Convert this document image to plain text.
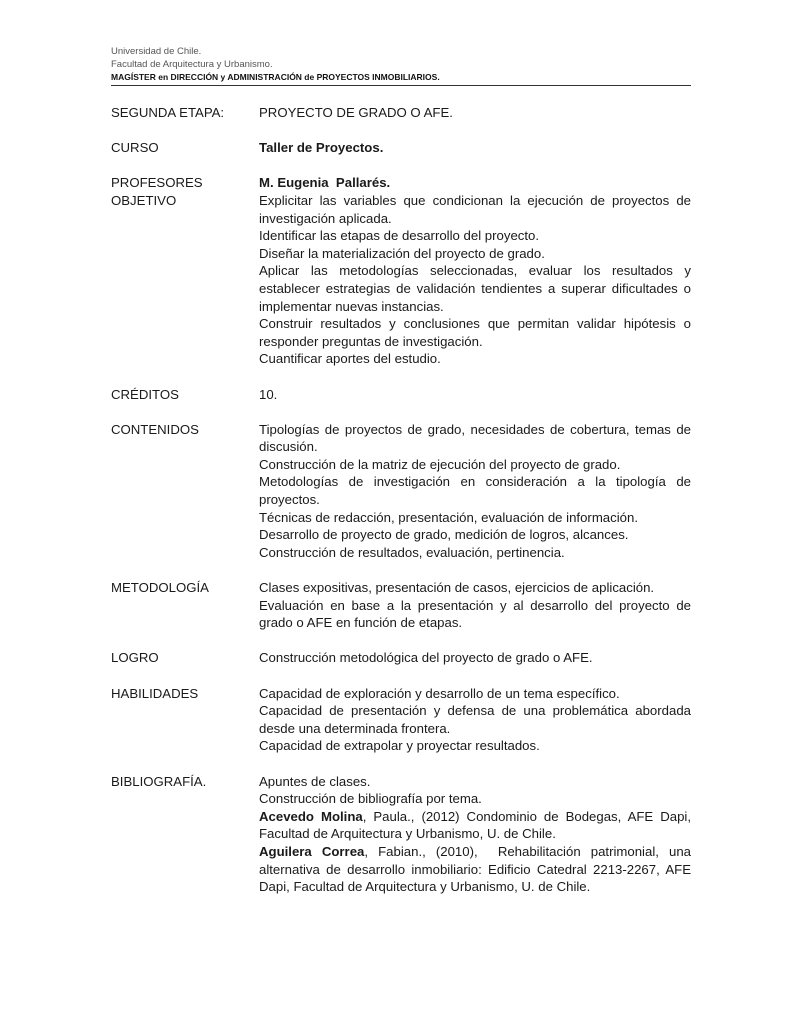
Universidad de Chile.
Facultad de Arquitectura y Urbanismo.
MAGÍSTER en DIRECCIÓN y ADMINISTRACIÓN de PROYECTOS INMOBILIARIOS.
SEGUNDA ETAPA:	PROYECTO DE GRADO O AFE.
CURSO	Taller de Proyectos.
PROFESORES	M. Eugenia  Pallarés.
OBJETIVO	Explicitar las variables que condicionan la ejecución de proyectos de investigación aplicada.

Identificar las etapas de desarrollo del proyecto.

Diseñar la materialización del proyecto de grado.

Aplicar las metodologías seleccionadas, evaluar los resultados y establecer estrategias de validación tendientes a superar dificultades o implementar nuevas instancias.

Construir resultados y conclusiones que permitan validar hipótesis o responder preguntas de investigación.

Cuantificar aportes del estudio.

CRÉDITOS	10.
CONTENIDOS	Tipologías de proyectos de grado, necesidades de cobertura, temas de discusión.

Construcción de la matriz de ejecución del proyecto de grado.

Metodologías de investigación en consideración a la tipología de proyectos.

Técnicas de redacción, presentación, evaluación de información.

Desarrollo de proyecto de grado, medición de logros, alcances.

Construcción de resultados, evaluación, pertinencia.

METODOLOGÍA	Clases expositivas, presentación de casos, ejercicios de aplicación.

Evaluación en base a la presentación y al desarrollo del proyecto de grado o AFE en función de etapas.

LOGRO	Construcción metodológica del proyecto de grado o AFE.
HABILIDADES	Capacidad de exploración y desarrollo de un tema específico.

Capacidad de presentación y defensa de una problemática abordada desde una determinada frontera.

Capacidad de extrapolar y proyectar resultados.

BIBLIOGRAFÍA.	Apuntes de clases.

Construcción de bibliografía por tema.

Acevedo Molina, Paula., (2012) Condominio de Bodegas, AFE Dapi, Facultad de Arquitectura y Urbanismo, U. de Chile.

Aguilera Correa, Fabian., (2010),  Rehabilitación patrimonial, una alternativa de desarrollo inmobiliario: Edificio Catedral 2213-2267, AFE Dapi, Facultad de Arquitectura y Urbanismo, U. de Chile.
